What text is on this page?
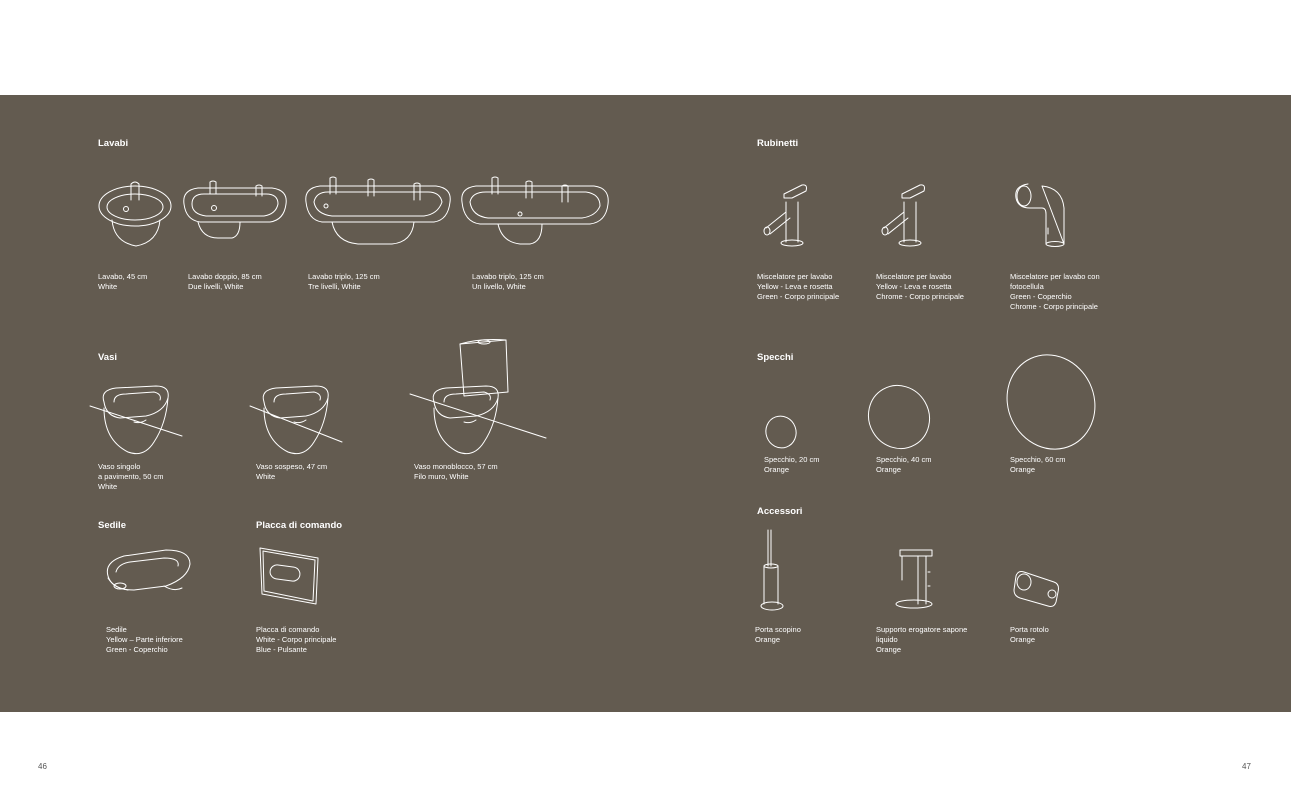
Lavabi
Lavabo, 45 cm
White
Lavabo doppio, 85 cm
Due livelli, White
Lavabo triplo, 125 cm
Tre livelli, White
Lavabo triplo, 125 cm
Un livello, White
Rubinetti
Miscelatore per lavabo
Yellow - Leva e rosetta
Green - Corpo principale
Miscelatore per lavabo
Yellow - Leva e rosetta
Chrome - Corpo principale
Miscelatore per lavabo con
fotocellula
Green - Coperchio
Chrome - Corpo principale
Vasi
Vaso singolo
a pavimento, 50 cm
White
Vaso sospeso, 47 cm
White
Vaso monoblocco, 57 cm
Filo muro, White
Specchi
Specchio, 20 cm
Orange
Specchio, 40 cm
Orange
Specchio, 60 cm
Orange
Sedile
Sedile
Yellow – Parte inferiore
Green - Coperchio
Placca di comando
Placca di comando
White - Corpo principale
Blue - Pulsante
Accessori
Porta scopino
Orange
Supporto erogatore sapone
liquido
Orange
Porta rotolo
Orange
46	47
